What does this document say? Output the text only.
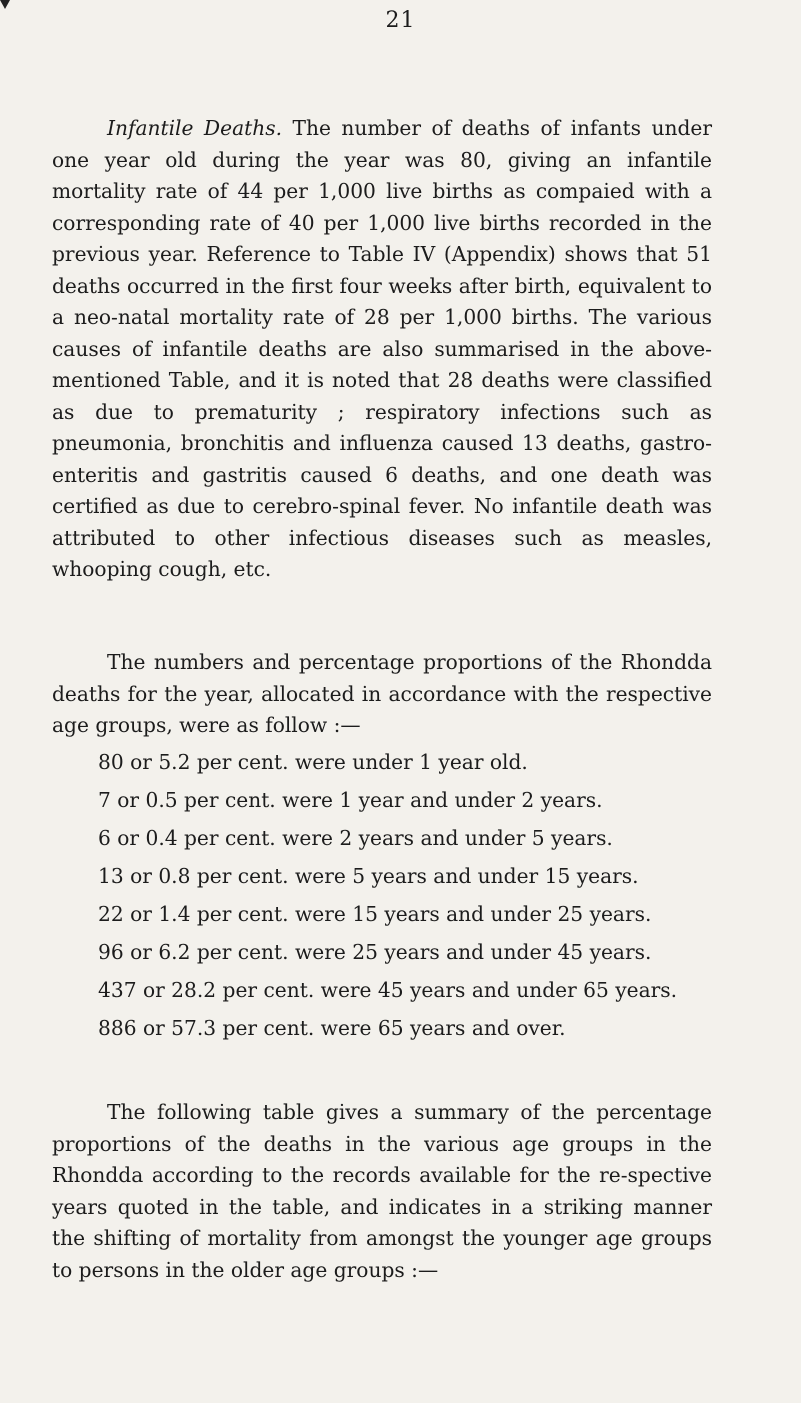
21

Infantile Deaths. The number of deaths of infants under one year old during the year was 80, giving an infantile mortality rate of 44 per 1,000 live births as compaied with a corresponding rate of 40 per 1,000 live births recorded in the previous year. Reference to Table IV (Appendix) shows that 51 deaths occurred in the first four weeks after birth, equivalent to a neo-natal mortality rate of 28 per 1,000 births. The various causes of infantile deaths are also summarised in the above-mentioned Table, and it is noted that 28 deaths were classified as due to prematurity ; respiratory infections such as pneumonia, bronchitis and influenza caused 13 deaths, gastro-enteritis and gastritis caused 6 deaths, and one death was certified as due to cerebro-spinal fever. No infantile death was attributed to other infectious diseases such as measles, whooping cough, etc.

The numbers and percentage proportions of the Rhondda deaths for the year, allocated in accordance with the respective age groups, were as follow :—

80 or 5.2 per cent. were under 1 year old.
7 or 0.5 per cent. were 1 year and under 2 years.
6 or 0.4 per cent. were 2 years and under 5 years.
13 or 0.8 per cent. were 5 years and under 15 years.
22 or 1.4 per cent. were 15 years and under 25 years.
96 or 6.2 per cent. were 25 years and under 45 years.
437 or 28.2 per cent. were 45 years and under 65 years.
886 or 57.3 per cent. were 65 years and over.

The following table gives a summary of the percentage proportions of the deaths in the various age groups in the Rhondda according to the records available for the re-spective years quoted in the table, and indicates in a striking manner the shifting of mortality from amongst the younger age groups to persons in the older age groups :—
